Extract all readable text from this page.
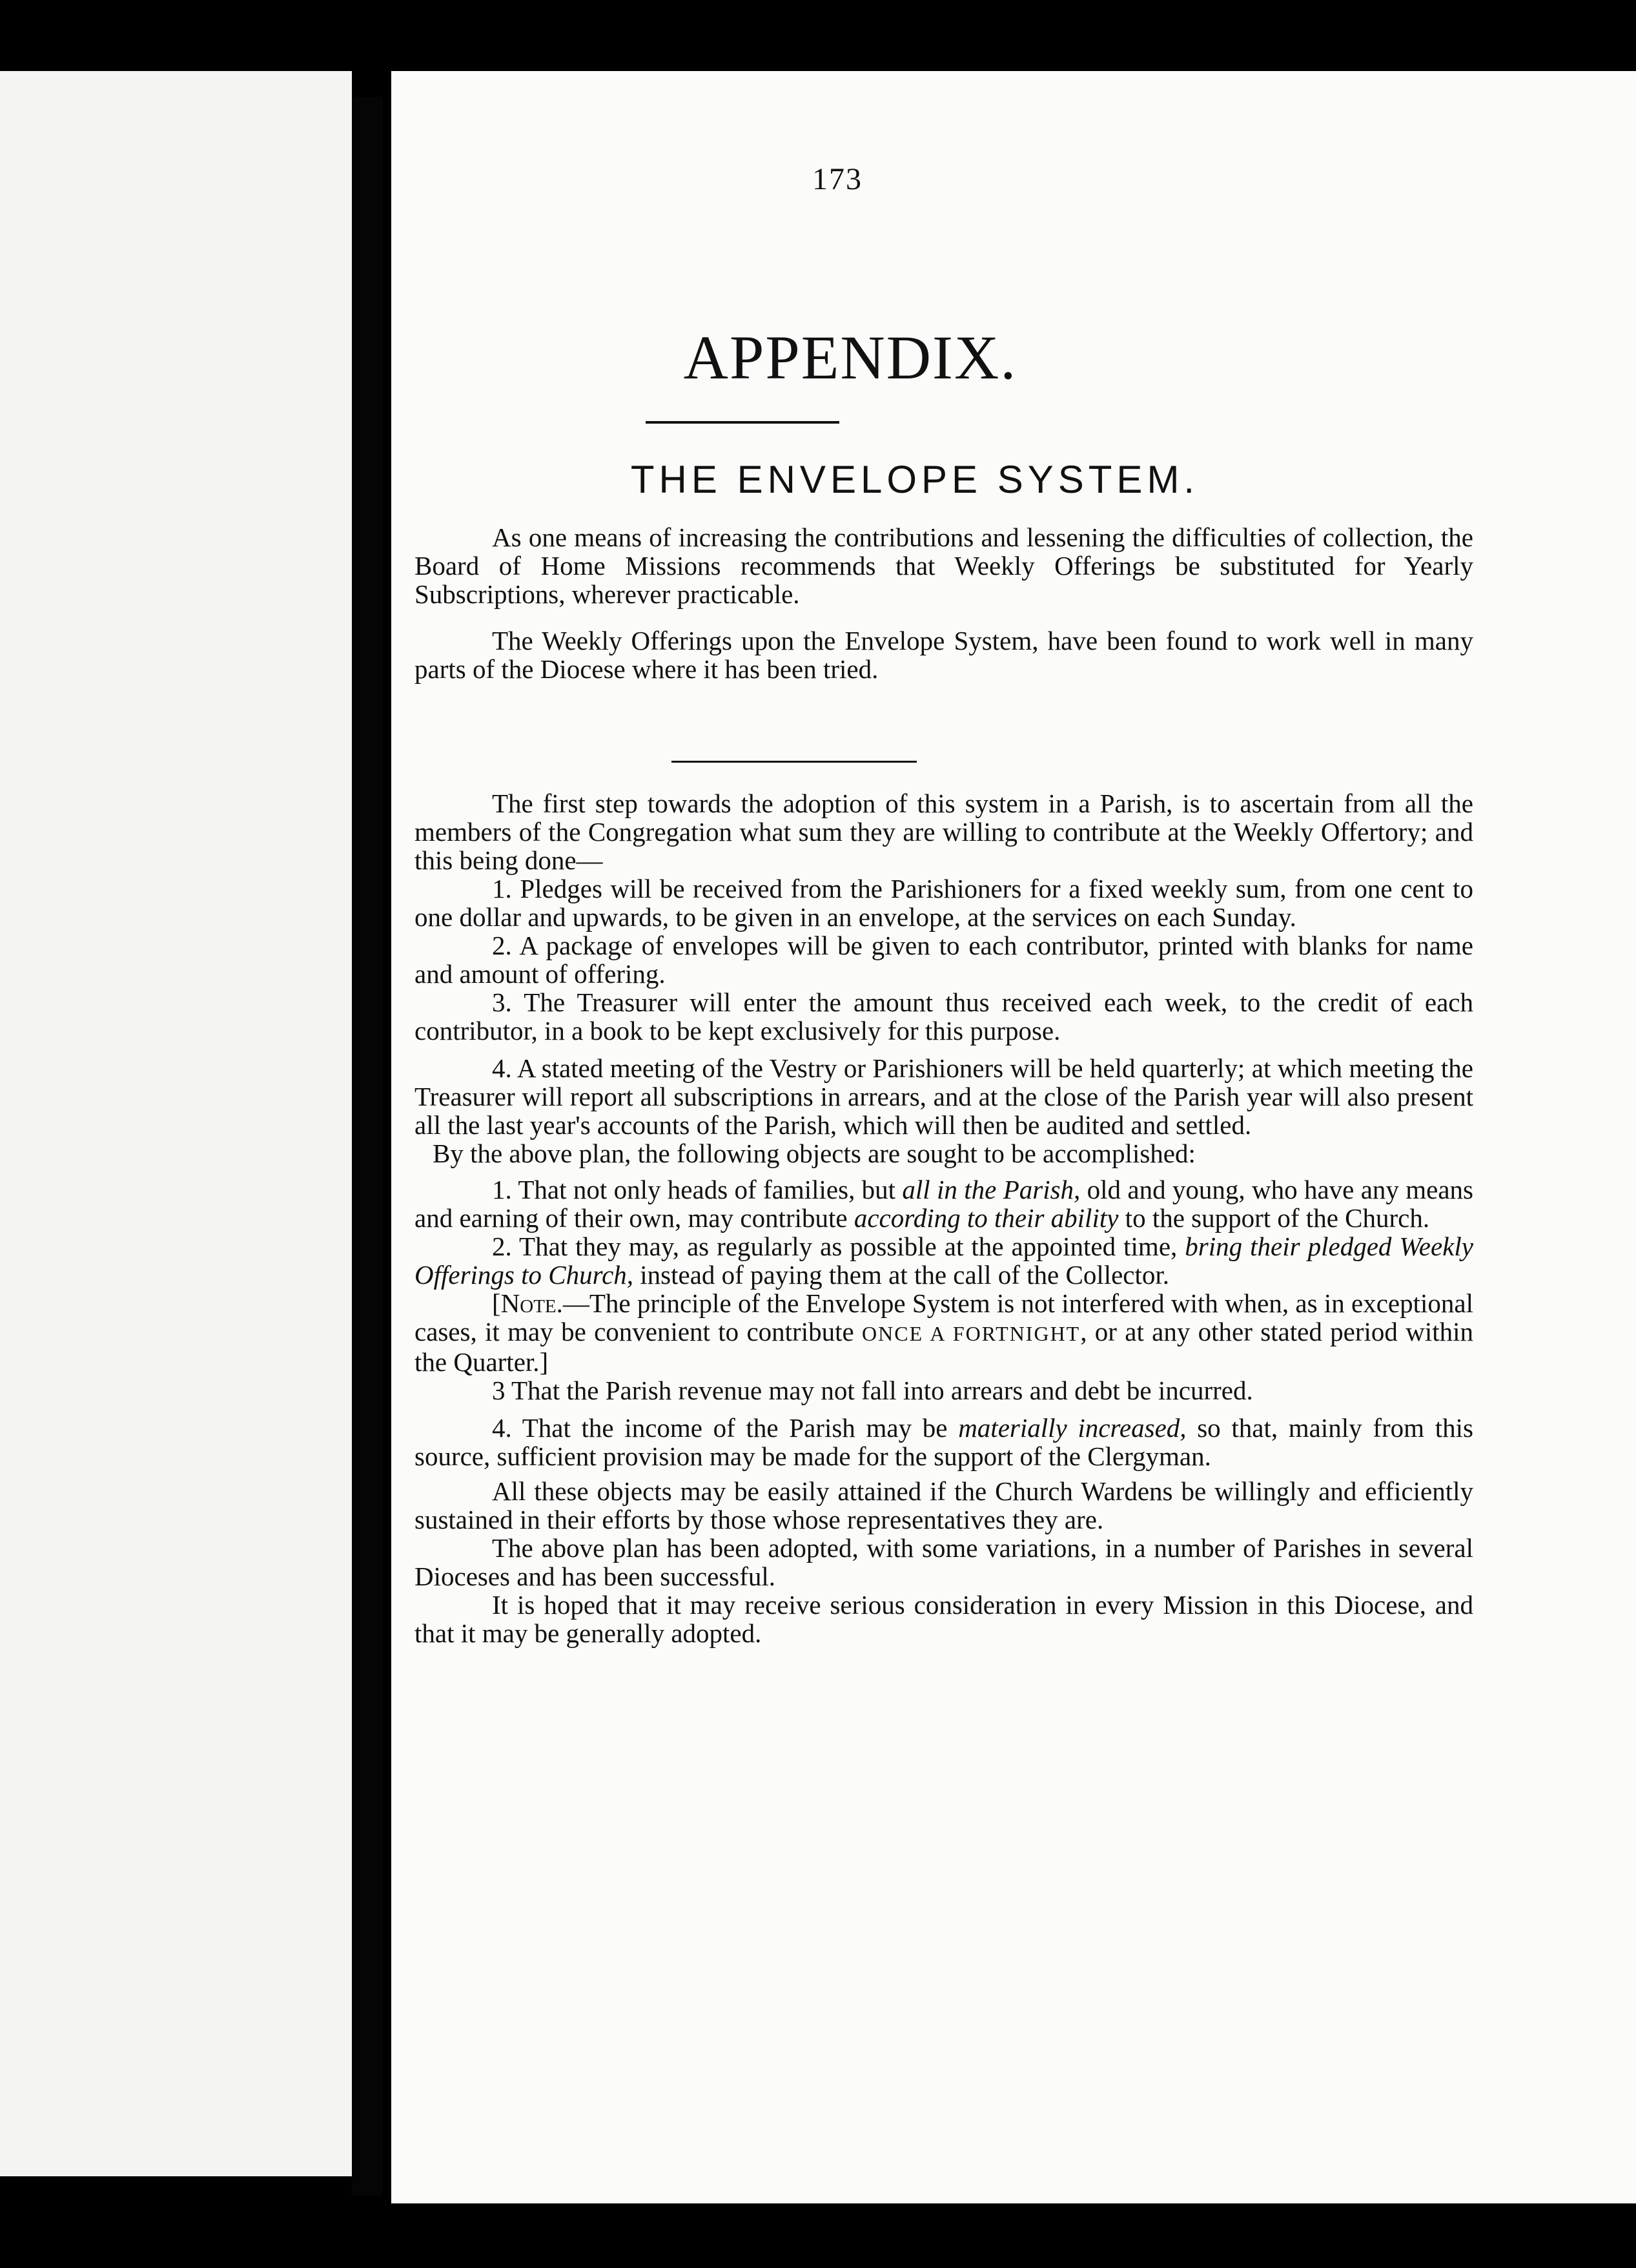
173
APPENDIX.
THE ENVELOPE SYSTEM.

As one means of increasing the contributions and lessening the difficulties of collection, the Board of Home Missions recommends that Weekly Offerings be substituted for Yearly Subscriptions, wherever practicable.

The Weekly Offerings upon the Envelope System, have been found to work well in many parts of the Diocese where it has been tried.

The first step towards the adoption of this system in a Parish, is to ascertain from all the members of the Congregation what sum they are willing to contribute at the Weekly Offertory; and this being done—

1. Pledges will be received from the Parishioners for a fixed weekly sum, from one cent to one dollar and upwards, to be given in an envelope, at the services on each Sunday.

2. A package of envelopes will be given to each contributor, printed with blanks for name and amount of offering.

3. The Treasurer will enter the amount thus received each week, to the credit of each contributor, in a book to be kept exclusively for this purpose.

4. A stated meeting of the Vestry or Parishioners will be held quarterly; at which meeting the Treasurer will report all subscriptions in arrears, and at the close of the Parish year will also present all the last year's accounts of the Parish, which will then be audited and settled.

By the above plan, the following objects are sought to be accomplished:

1. That not only heads of families, but all in the Parish, old and young, who have any means and earning of their own, may contribute according to their ability to the support of the Church.

2. That they may, as regularly as possible at the appointed time, bring their pledged Weekly Offerings to Church, instead of paying them at the call of the Collector.

[Note.—The principle of the Envelope System is not interfered with when, as in exceptional cases, it may be convenient to contribute ONCE A FORTNIGHT, or at any other stated period within the Quarter.]

3 That the Parish revenue may not fall into arrears and debt be incurred.

4. That the income of the Parish may be materially increased, so that, mainly from this source, sufficient provision may be made for the support of the Clergyman.

All these objects may be easily attained if the Church Wardens be willingly and efficiently sustained in their efforts by those whose representatives they are.

The above plan has been adopted, with some variations, in a number of Parishes in several Dioceses and has been successful.

It is hoped that it may receive serious consideration in every Mission in this Diocese, and that it may be generally adopted.
